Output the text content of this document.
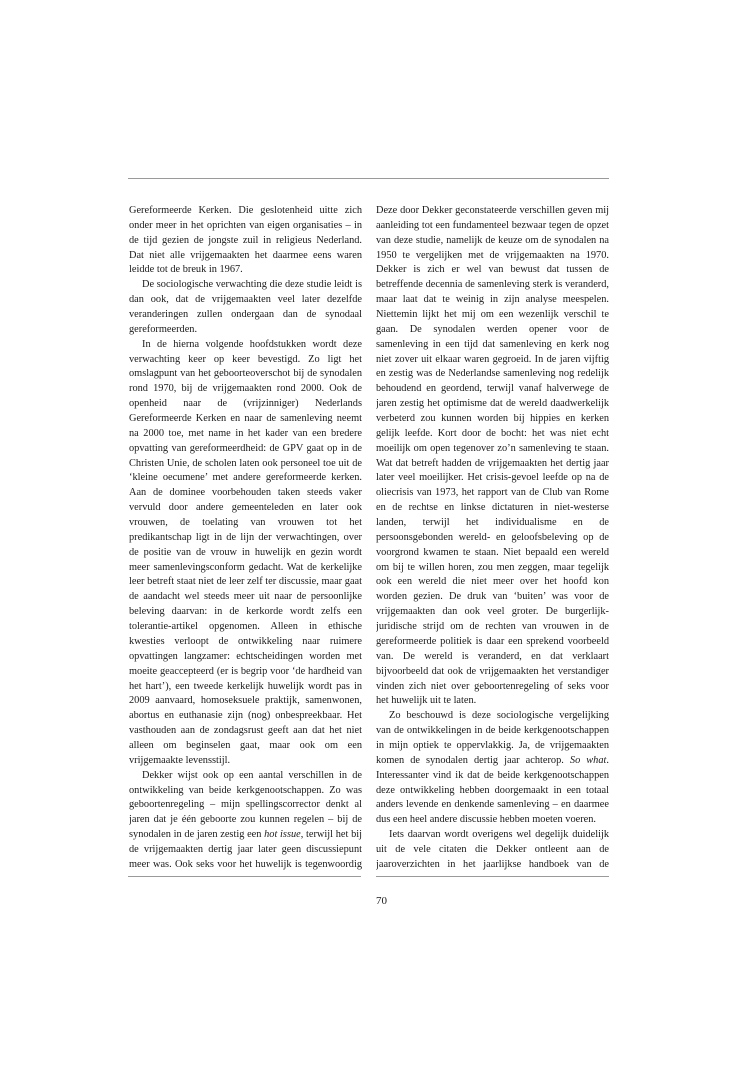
Gereformeerde Kerken. Die geslotenheid uitte zich onder meer in het oprichten van eigen organisaties – in de tijd gezien de jongste zuil in religieus Nederland. Dat niet alle vrijgemaakten het daarmee eens waren leidde tot de breuk in 1967.

De sociologische verwachting die deze studie leidt is dan ook, dat de vrijgemaakten veel later dezelfde veranderingen zullen ondergaan dan de synodaal gereformeerden.

In de hierna volgende hoofdstukken wordt deze verwachting keer op keer bevestigd. Zo ligt het omslagpunt van het geboorteoverschot bij de synodalen rond 1970, bij de vrijgemaakten rond 2000. Ook de openheid naar de (vrijzinniger) Nederlands Gereformeerde Kerken en naar de samenleving neemt na 2000 toe, met name in het kader van een bredere opvatting van gereformeerdheid: de GPV gaat op in de Christen Unie, de scholen laten ook personeel toe uit de ‘kleine oecumene’ met andere gereformeerde kerken. Aan de dominee voorbehouden taken steeds vaker vervuld door andere gemeenteleden en later ook vrouwen, de toelating van vrouwen tot het predikantschap ligt in de lijn der verwachtingen, over de positie van de vrouw in huwelijk en gezin wordt meer samenlevingsconform gedacht. Wat de kerkelijke leer betreft staat niet de leer zelf ter discussie, maar gaat de aandacht wel steeds meer uit naar de persoonlijke beleving daarvan: in de kerkorde wordt zelfs een tolerantie-artikel opgenomen. Alleen in ethische kwesties verloopt de ontwikkeling naar ruimere opvattingen langzamer: echtscheidingen worden met moeite geaccepteerd (er is begrip voor ‘de hardheid van het hart’), een tweede kerkelijk huwelijk wordt pas in 2009 aanvaard, homoseksuele praktijk, samenwonen, abortus en euthanasie zijn (nog) onbespreekbaar. Het vasthouden aan de zondagsrust geeft aan dat het niet alleen om beginselen gaat, maar ook om een vrijgemaakte levensstijl.

Dekker wijst ook op een aantal verschillen in de ontwikkeling van beide kerkgenootschappen. Zo was geboortenregeling – mijn spellingscorrector denkt al jaren dat je één geboorte zou kunnen regelen – bij de synodalen in de jaren zestig een hot issue, terwijl het bij de vrijgemaakten dertig jaar later geen discussiepunt meer was. Ook seks voor het huwelijk is tegenwoordig

Deze door Dekker geconstateerde verschillen geven mij aanleiding tot een fundamenteel bezwaar tegen de opzet van deze studie, namelijk de keuze om de synodalen na 1950 te vergelijken met de vrijgemaakten na 1970. Dekker is zich er wel van bewust dat tussen de betreffende decennia de samenleving sterk is veranderd, maar laat dat te weinig in zijn analyse meespelen. Niettemin lijkt het mij om een wezenlijk verschil te gaan. De synodalen werden opener voor de samenleving in een tijd dat samenleving en kerk nog niet zover uit elkaar waren gegroeid. In de jaren vijftig en zestig was de Nederlandse samenleving nog redelijk behoudend en geordend, terwijl vanaf halverwege de jaren zestig het optimisme dat de wereld daadwerkelijk verbeterd zou kunnen worden bij hippies en kerken gelijk leefde. Kort door de bocht: het was niet echt moeilijk om open tegenover zo’n samenleving te staan. Wat dat betreft hadden de vrijgemaakten het dertig jaar later veel moeilijker. Het crisis-gevoel leefde op na de oliecrisis van 1973, het rapport van de Club van Rome en de rechtse en linkse dictaturen in niet-westerse landen, terwijl het individualisme en de persoonsgebonden wereld- en geloofsbeleving op de voorgrond kwamen te staan. Niet bepaald een wereld om bij te willen horen, zou men zeggen, maar tegelijk ook een wereld die niet meer over het hoofd kon worden gezien. De druk van ‘buiten’ was voor de vrijgemaakten dan ook veel groter. De burgerlijk-juridische strijd om de rechten van vrouwen in de gereformeerde politiek is daar een sprekend voorbeeld van. De wereld is veranderd, en dat verklaart bijvoorbeeld dat ook de vrijgemaakten het verstandiger vinden zich niet over geboortenregeling of seks voor het huwelijk uit te laten.

Zo beschouwd is deze sociologische vergelijking van de ontwikkelingen in de beide kerkgenootschappen in mijn optiek te oppervlakkig. Ja, de vrijgemaakten komen de synodalen dertig jaar achterop. So what. Interessanter vind ik dat de beide kerkgenootschappen deze ontwikkeling hebben doorgemaakt in een totaal anders levende en denkende samenleving – en daarmee dus een heel andere discussie hebben moeten voeren.

Iets daarvan wordt overigens wel degelijk duidelijk uit de vele citaten die Dekker ontleent aan de jaaroverzichten in het jaarlijkse handboek van de

70
